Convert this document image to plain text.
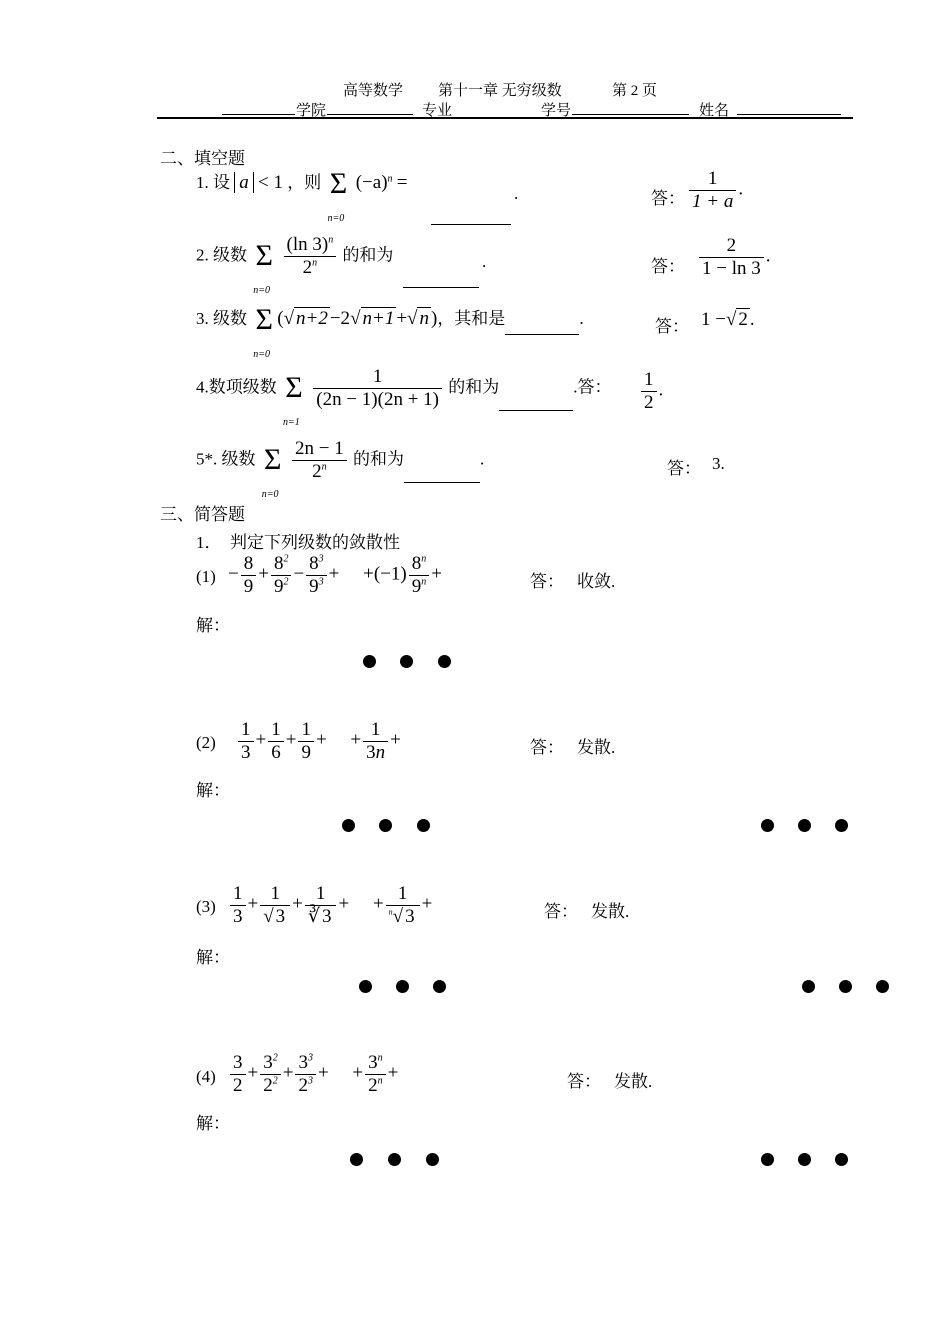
高等数学 第十一章 无穷级数	第 2 页
学院	专业	学号	姓名
二、填空题
1. 设 a < 1 ，则 Σ
n=0
$(-a)^n$ =
.	答： $\frac{1}{1 + a}$ .
2. 级数 Σ
n=0

$\frac{(\ln 3)^n}{2^n}$ 的和为	.	答： $\frac{2}{1 - \ln 3}$ .
3. 级数 Σ
n=0
(√ n+2 −2√ n+1 +√ n )，其和是	.	答： 1 −√ 2 .
4.数项级数 Σ
n=1

$\frac{1}{(2n - 1)(2n + 1)}$ 的和为	.答： $\frac{1}{2}$ .
5*. 级数 Σ
n=0

$\frac{2n - 1}{2^n}$ 的和为	.
答： 3.
三、简答题
1． 判定下列级数的敛散性
$(1) - \frac{8}{9} + \frac{8^2}{9^2} - \frac{8^3}{9^3}$ +     $+(-1) \frac{8^n}{9^n}$ +	答： 收敛.
解：
$(2) \frac{1}{3} + \frac{1}{6} + \frac{1}{9}$ +     + $\frac{1}{3n}$ +	答： 发散.
解：
$(3) \frac{1}{3} + \frac{1}{√ 3} + \frac{1}{∛ 3}$ +     + $\frac{1}{^n√ 3}$ +	答： 发散.
解：
$(4) \frac{3}{2} + \frac{3^2}{2^2} + \frac{3^3}{2^3}$ +     + $\frac{3^n}{2^n}$ +	答： 发散.
解：
